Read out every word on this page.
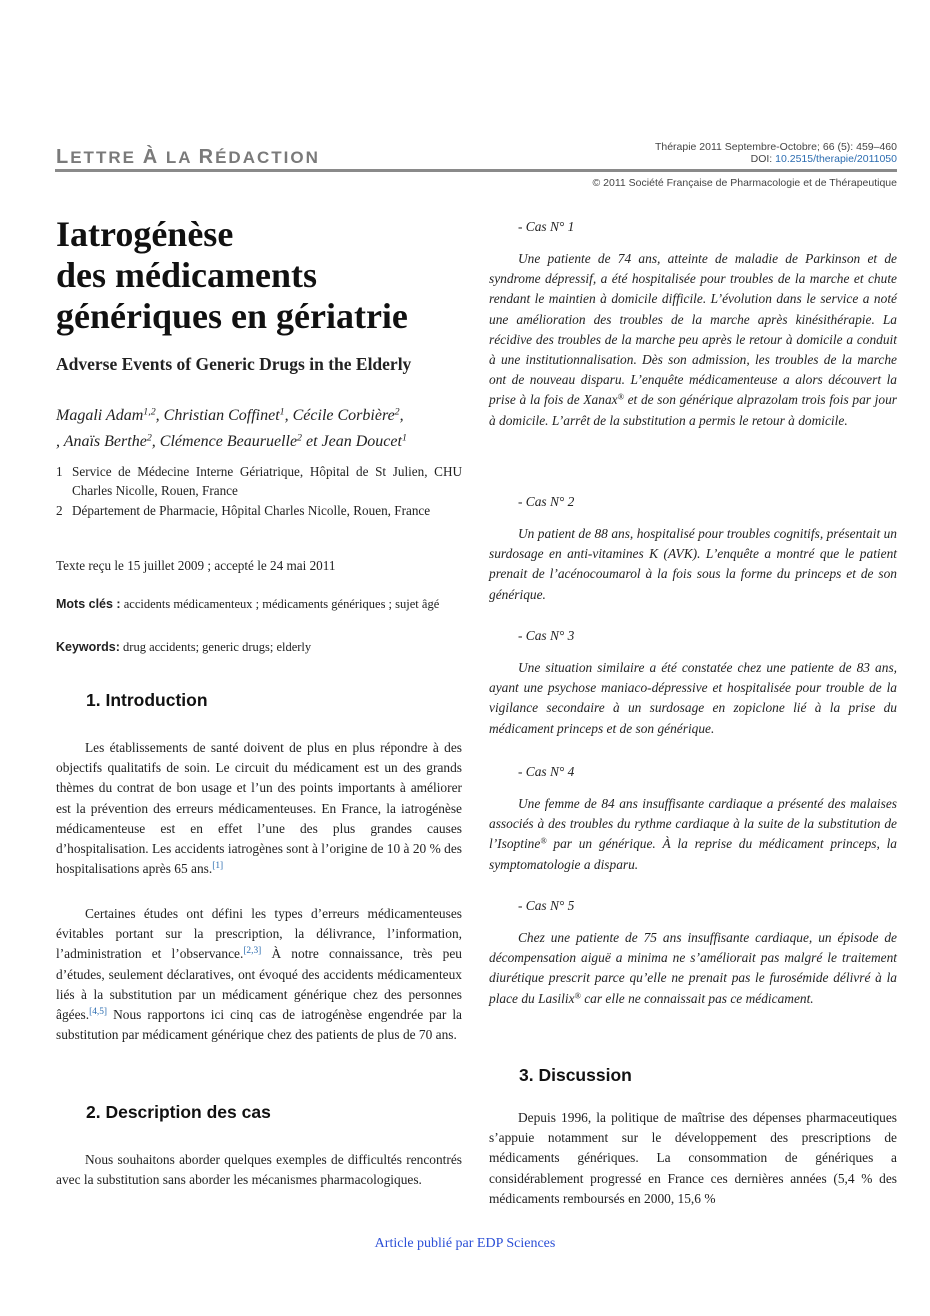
LETTRE À LA RÉDACTION
Thérapie 2011 Septembre-Octobre; 66 (5): 459–460
DOI: 10.2515/therapie/2011050
© 2011 Société Française de Pharmacologie et de Thérapeutique
Iatrogénèse
des médicaments
génériques en gériatrie
Adverse Events of Generic Drugs in the Elderly
Magali Adam$^{1,2}$, Christian Coffinet$^1$, Cécile Corbière$^2$,
, Anaïs Berthe$^2$, Clémence Beauruelle$^2$ et Jean Doucet$^1$
1 Service de Médecine Interne Gériatrique, Hôpital de St Julien, CHU Charles Nicolle, Rouen, France
2 Département de Pharmacie, Hôpital Charles Nicolle, Rouen, France
Texte reçu le 15 juillet 2009 ; accepté le 24 mai 2011
Mots clés : accidents médicamenteux ; médicaments génériques ; sujet âgé
Keywords: drug accidents; generic drugs; elderly
1. Introduction

Les établissements de santé doivent de plus en plus répondre à des objectifs qualitatifs de soin. Le circuit du médicament est un des grands thèmes du contrat de bon usage et l’un des points importants à améliorer est la prévention des erreurs médicamenteuses. En France, la iatrogénèse médicamenteuse est en effet l’une des plus grandes causes d’hospitalisation. Les accidents iatrogènes sont à l’origine de 10 à 20 % des hospitalisations après 65 ans.[1]

Certaines études ont défini les types d’erreurs médicamenteuses évitables portant sur la prescription, la délivrance, l’information, l’administration et l’observance.[2,3] À notre connaissance, très peu d’études, seulement déclaratives, ont évoqué des accidents médicamenteux liés à la substitution par un médicament générique chez des personnes âgées.[4,5] Nous rapportons ici cinq cas de iatrogénèse engendrée par la substitution par médicament générique chez des patients de plus de 70 ans.

2. Description des cas

Nous souhaitons aborder quelques exemples de difficultés rencontrés avec la substitution sans aborder les mécanismes pharmacologiques.

- Cas N° 1

Une patiente de 74 ans, atteinte de maladie de Parkinson et de syndrome dépressif, a été hospitalisée pour troubles de la marche et chute rendant le maintien à domicile difficile. L’évolution dans le service a noté une amélioration des troubles de la marche après kinésithérapie. La récidive des troubles de la marche peu après le retour à domicile a conduit à une institutionnalisation. Dès son admission, les troubles de la marche ont de nouveau disparu. L’enquête médicamenteuse a alors découvert la prise à la fois de Xanax® et de son générique alprazolam trois fois par jour à domicile. L’arrêt de la substitution a permis le retour à domicile.

- Cas N° 2

Un patient de 88 ans, hospitalisé pour troubles cognitifs, présentait un surdosage en anti-vitamines K (AVK). L’enquête a montré que le patient prenait de l’acénocoumarol à la fois sous la forme du princeps et de son générique.

- Cas N° 3

Une situation similaire a été constatée chez une patiente de 83 ans, ayant une psychose maniaco-dépressive et hospitalisée pour trouble de la vigilance secondaire à un surdosage en zopiclone lié à la prise du médicament princeps et de son générique.

- Cas N° 4

Une femme de 84 ans insuffisante cardiaque a présenté des malaises associés à des troubles du rythme cardiaque à la suite de la substitution de l’Isoptine® par un générique. À la reprise du médicament princeps, la symptomatologie a disparu.

- Cas N° 5

Chez une patiente de 75 ans insuffisante cardiaque, un épisode de décompensation aiguë a minima ne s’améliorait pas malgré le traitement diurétique prescrit parce qu’elle ne prenait pas le furosémide délivré à la place du Lasilix® car elle ne connaissait pas ce médicament.

3. Discussion

Depuis 1996, la politique de maîtrise des dépenses pharmaceutiques s’appuie notamment sur le développement des prescriptions de médicaments génériques. La consommation de génériques a considérablement progressé en France ces dernières années (5,4 % des médicaments remboursés en 2000, 15,6 %

Article publié par EDP Sciences
